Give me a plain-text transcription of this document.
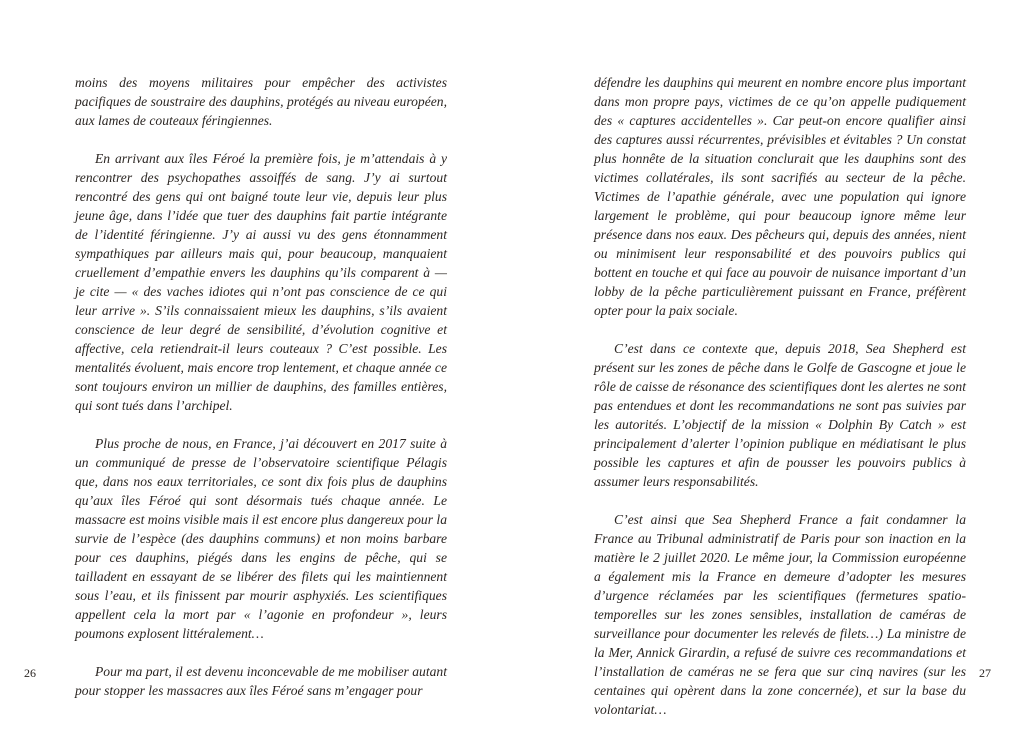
moins des moyens militaires pour empêcher des activistes pacifiques de soustraire des dauphins, protégés au niveau européen, aux lames de couteaux féringiennes.

En arrivant aux îles Féroé la première fois, je m’attendais à y rencontrer des psychopathes assoiffés de sang. J’y ai surtout rencontré des gens qui ont baigné toute leur vie, depuis leur plus jeune âge, dans l’idée que tuer des dauphins fait partie intégrante de l’identité féringienne. J’y ai aussi vu des gens étonnamment sympathiques par ailleurs mais qui, pour beaucoup, manquaient cruellement d’empathie envers les dauphins qu’ils comparent à — je cite — « des vaches idiotes qui n’ont pas conscience de ce qui leur arrive ». S’ils connaissaient mieux les dauphins, s’ils avaient conscience de leur degré de sensibilité, d’évolution cognitive et affective, cela retiendrait-il leurs couteaux ? C’est possible. Les mentalités évoluent, mais encore trop lentement, et chaque année ce sont toujours environ un millier de dauphins, des familles entières, qui sont tués dans l’archipel.

Plus proche de nous, en France, j’ai découvert en 2017 suite à un communiqué de presse de l’observatoire scientifique Pélagis que, dans nos eaux territoriales, ce sont dix fois plus de dauphins qu’aux îles Féroé qui sont désormais tués chaque année. Le massacre est moins visible mais il est encore plus dangereux pour la survie de l’espèce (des dauphins communs) et non moins barbare pour ces dauphins, piégés dans les engins de pêche, qui se tailladent en essayant de se libérer des filets qui les maintiennent sous l’eau, et ils finissent par mourir asphyxiés. Les scientifiques appellent cela la mort par « l’agonie en profondeur », leurs poumons explosent littéralement…

Pour ma part, il est devenu inconcevable de me mobiliser autant pour stopper les massacres aux îles Féroé sans m’engager pour

26

défendre les dauphins qui meurent en nombre encore plus important dans mon propre pays, victimes de ce qu’on appelle pudiquement des « captures accidentelles ». Car peut-on encore qualifier ainsi des captures aussi récurrentes, prévisibles et évitables ? Un constat plus honnête de la situation conclurait que les dauphins sont des victimes collatérales, ils sont sacrifiés au secteur de la pêche. Victimes de l’apathie générale, avec une population qui ignore largement le problème, qui pour beaucoup ignore même leur présence dans nos eaux. Des pêcheurs qui, depuis des années, nient ou minimisent leur responsabilité et des pouvoirs publics qui bottent en touche et qui face au pouvoir de nuisance important d’un lobby de la pêche particulièrement puissant en France, préfèrent opter pour la paix sociale.

C’est dans ce contexte que, depuis 2018, Sea Shepherd est présent sur les zones de pêche dans le Golfe de Gascogne et joue le rôle de caisse de résonance des scientifiques dont les alertes ne sont pas entendues et dont les recommandations ne sont pas suivies par les autorités. L’objectif de la mission « Dolphin By Catch » est principalement d’alerter l’opinion publique en médiatisant le plus possible les captures et afin de pousser les pouvoirs publics à assumer leurs responsabilités.

C’est ainsi que Sea Shepherd France a fait condamner la France au Tribunal administratif de Paris pour son inaction en la matière le 2 juillet 2020. Le même jour, la Commission européenne a également mis la France en demeure d’adopter les mesures d’urgence réclamées par les scientifiques (fermetures spatio-temporelles sur les zones sensibles, installation de caméras de surveillance pour documenter les relevés de filets…) La ministre de la Mer, Annick Girardin, a refusé de suivre ces recommandations et l’installation de caméras ne se fera que sur cinq navires (sur les centaines qui opèrent dans la zone concernée), et sur la base du volontariat…

27
